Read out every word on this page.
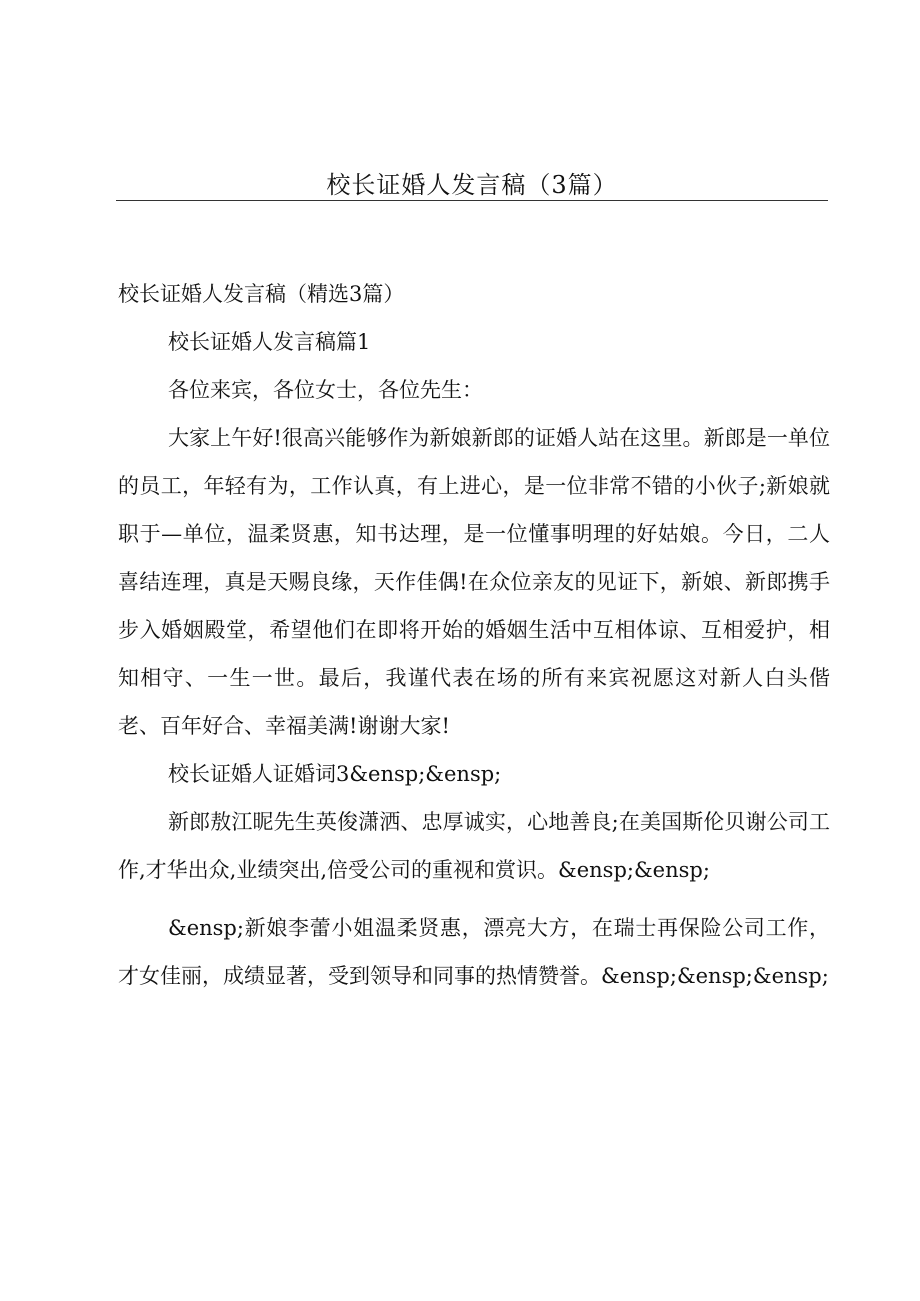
校长证婚人发言稿（3篇）

校长证婚人发言稿（精选3篇）

校长证婚人发言稿篇1

各位来宾，各位女士，各位先生：

大家上午好!很高兴能够作为新娘新郎的证婚人站在这里。新郎是一单位的员工，年轻有为，工作认真，有上进心，是一位非常不错的小伙子;新娘就职于—单位，温柔贤惠，知书达理，是一位懂事明理的好姑娘。今日，二人喜结连理，真是天赐良缘，天作佳偶!在众位亲友的见证下，新娘、新郎携手步入婚姻殿堂，希望他们在即将开始的婚姻生活中互相体谅、互相爱护，相知相守、一生一世。最后，我谨代表在场的所有来宾祝愿这对新人白头偕老、百年好合、幸福美满!谢谢大家!

校长证婚人证婚词3&ensp;&ensp;

新郎敖江昵先生英俊潇洒、忠厚诚实，心地善良;在美国斯伦贝谢公司工作,才华出众,业绩突出,倍受公司的重视和赏识。&ensp;&ensp;

&ensp;新娘李蕾小姐温柔贤惠，漂亮大方，在瑞士再保险公司工作，才女佳丽，成绩显著，受到领导和同事的热情赞誉。&ensp;&ensp;&ensp;
